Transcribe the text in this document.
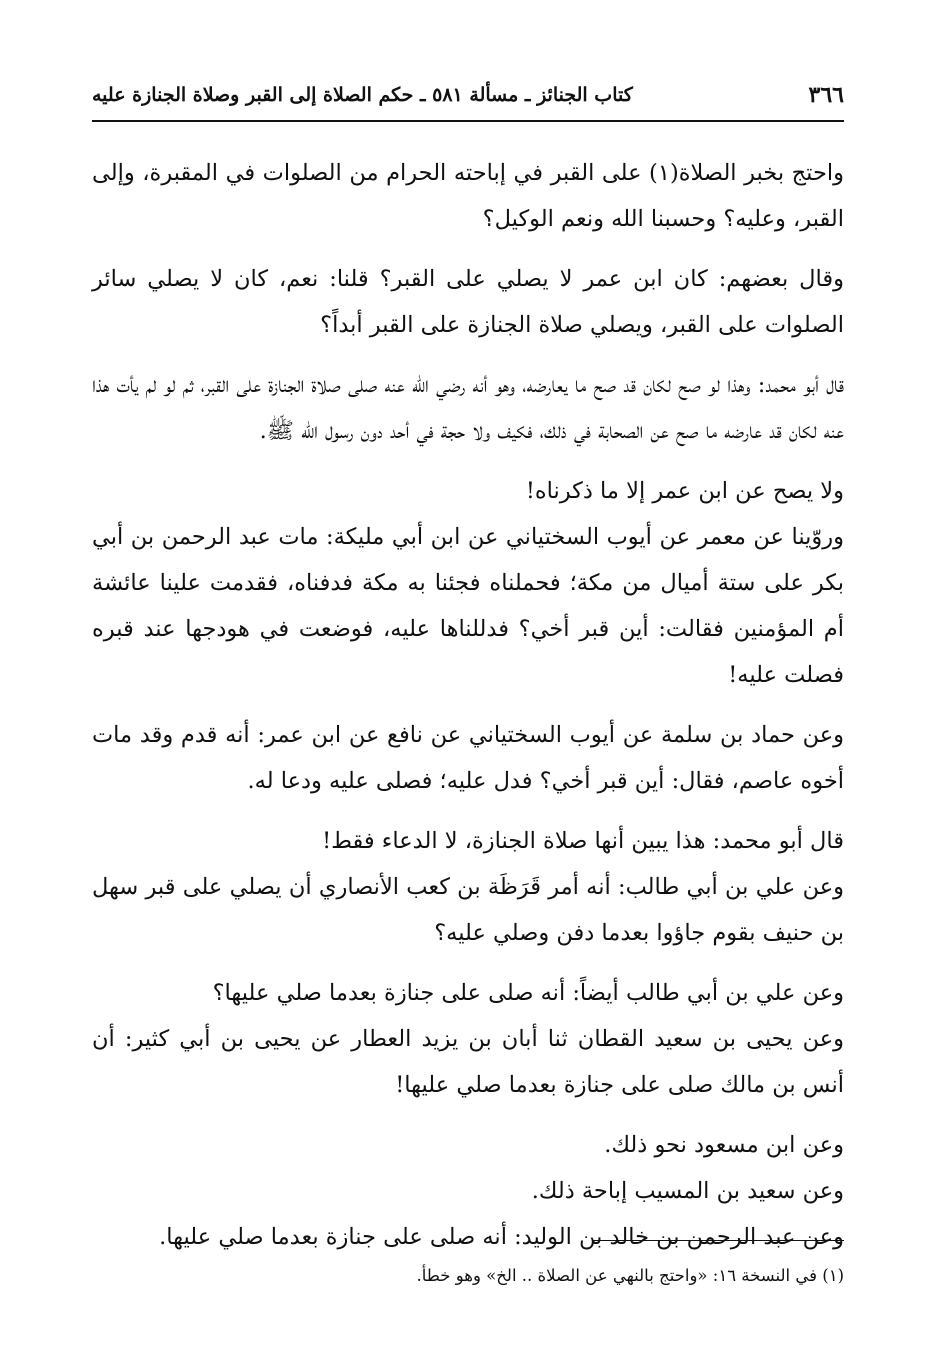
٣٦٦
كتاب الجنائز ـ مسألة ٥٨١ ـ حكم الصلاة إلى القبر وصلاة الجنازة عليه

واحتج بخبر الصلاة(١) على القبر في إباحته الحرام من الصلوات في المقبرة، وإلى القبر، وعليه؟ وحسبنا الله ونعم الوكيل؟

وقال بعضهم: كان ابن عمر لا يصلي على القبر؟ قلنا: نعم، كان لا يصلي سائر الصلوات على القبر، ويصلي صلاة الجنازة على القبر أبداً؟

قال أبو محمد: وهذا لو صح لكان قد صح ما يعارضه، وهو أنه رضي الله عنه صلى صلاة الجنازة على القبر، ثم لو لم يأت هذا عنه لكان قد عارضه ما صح عن الصحابة في ذلك، فكيف ولا حجة في أحد دون رسول الله ﷺ.

ولا يصح عن ابن عمر إلا ما ذكرناه!

وروّينا عن معمر عن أيوب السختياني عن ابن أبي مليكة: مات عبد الرحمن بن أبي بكر على ستة أميال من مكة؛ فحملناه فجئنا به مكة فدفناه، فقدمت علينا عائشة أم المؤمنين فقالت: أين قبر أخي؟ فدللناها عليه، فوضعت في هودجها عند قبره فصلت عليه!

وعن حماد بن سلمة عن أيوب السختياني عن نافع عن ابن عمر: أنه قدم وقد مات أخوه عاصم، فقال: أين قبر أخي؟ فدل عليه؛ فصلى عليه ودعا له.

قال أبو محمد: هذا يبين أنها صلاة الجنازة، لا الدعاء فقط!

وعن علي بن أبي طالب: أنه أمر قَرَظَة بن كعب الأنصاري أن يصلي على قبر سهل بن حنيف بقوم جاؤوا بعدما دفن وصلي عليه؟

وعن علي بن أبي طالب أيضاً: أنه صلى على جنازة بعدما صلي عليها؟

وعن يحيى بن سعيد القطان ثنا أبان بن يزيد العطار عن يحيى بن أبي كثير: أن أنس بن مالك صلى على جنازة بعدما صلي عليها!

وعن ابن مسعود نحو ذلك.

وعن سعيد بن المسيب إباحة ذلك.

وعن عبد الرحمن بن خالد بن الوليد: أنه صلى على جنازة بعدما صلي عليها.

(١) في النسخة ١٦: «واحتج بالنهي عن الصلاة .. الخ» وهو خطأ.
